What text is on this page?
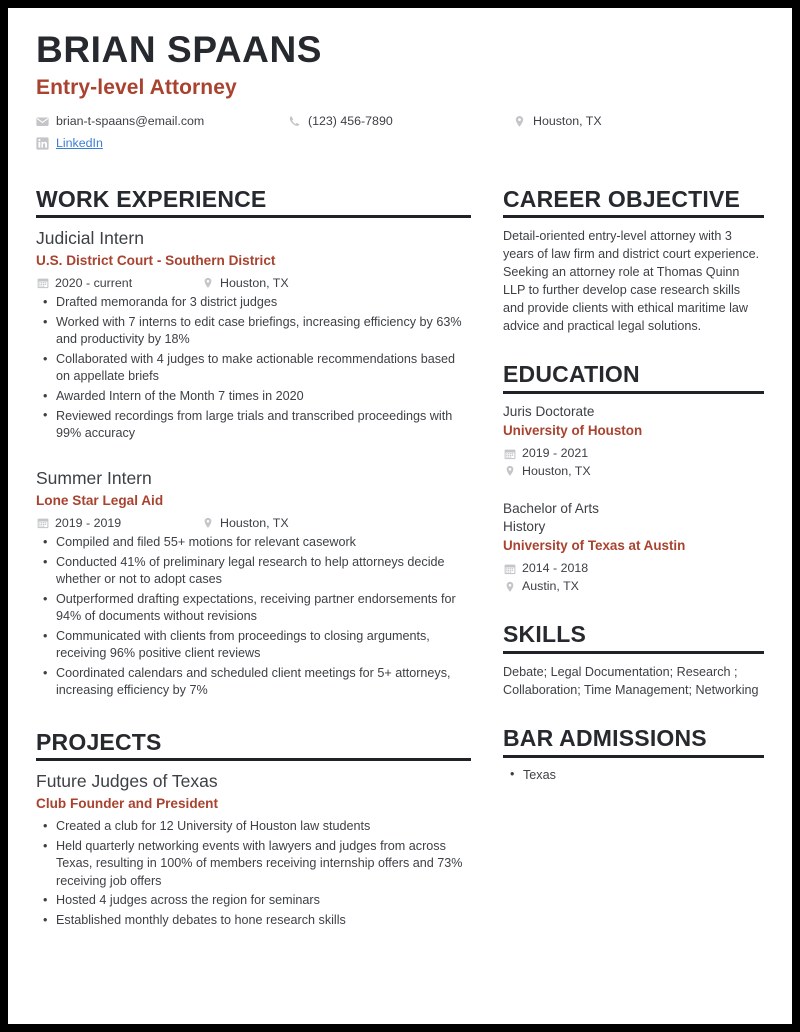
BRIAN SPAANS
Entry-level Attorney
brian-t-spaans@email.com	(123) 456-7890	Houston, TX
LinkedIn
WORK EXPERIENCE
Judicial Intern
U.S. District Court - Southern District
2020 - current	Houston, TX
• Drafted memoranda for 3 district judges
• Worked with 7 interns to edit case briefings, increasing efficiency by 63% and productivity by 18%
• Collaborated with 4 judges to make actionable recommendations based on appellate briefs
• Awarded Intern of the Month 7 times in 2020
• Reviewed recordings from large trials and transcribed proceedings with 99% accuracy
Summer Intern
Lone Star Legal Aid
2019 - 2019	Houston, TX
• Compiled and filed 55+ motions for relevant casework
• Conducted 41% of preliminary legal research to help attorneys decide whether or not to adopt cases
• Outperformed drafting expectations, receiving partner endorsements for 94% of documents without revisions
• Communicated with clients from proceedings to closing arguments, receiving 96% positive client reviews
• Coordinated calendars and scheduled client meetings for 5+ attorneys, increasing efficiency by 7%
PROJECTS
Future Judges of Texas
Club Founder and President
• Created a club for 12 University of Houston law students
• Held quarterly networking events with lawyers and judges from across Texas, resulting in 100% of members receiving internship offers and 73% receiving job offers
• Hosted 4 judges across the region for seminars
• Established monthly debates to hone research skills
CAREER OBJECTIVE
Detail-oriented entry-level attorney with 3 years of law firm and district court experience. Seeking an attorney role at Thomas Quinn LLP to further develop case research skills and provide clients with ethical maritime law advice and practical legal solutions.
EDUCATION
Juris Doctorate
University of Houston
2019 - 2021
Houston, TX
Bachelor of Arts
History
University of Texas at Austin
2014 - 2018
Austin, TX
SKILLS
Debate; Legal Documentation; Research ; Collaboration; Time Management; Networking
BAR ADMISSIONS
• Texas
